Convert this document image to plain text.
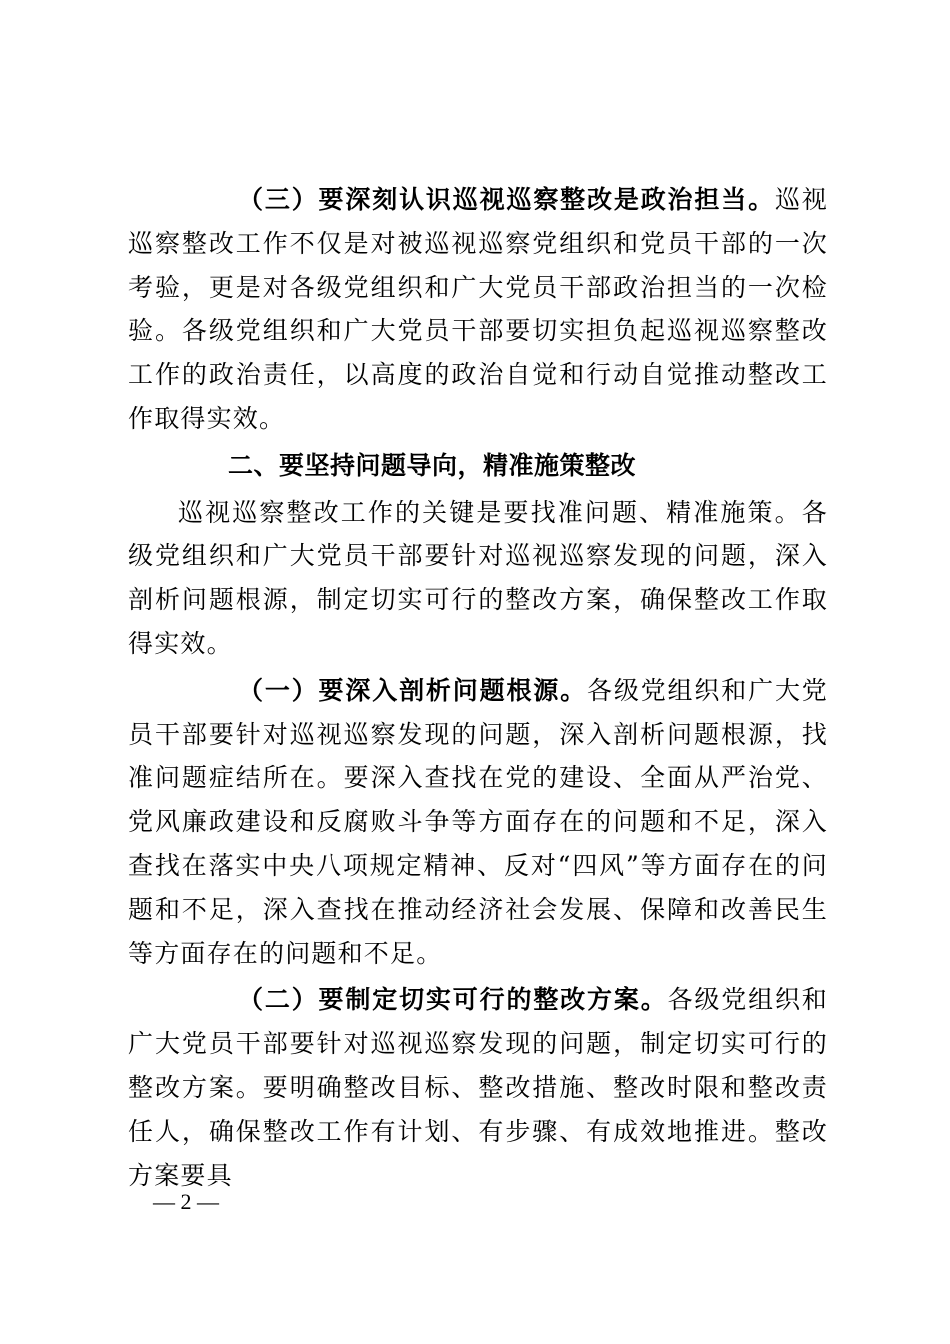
（三）要深刻认识巡视巡察整改是政治担当。巡视巡察整改工作不仅是对被巡视巡察党组织和党员干部的一次考验，更是对各级党组织和广大党员干部政治担当的一次检验。各级党组织和广大党员干部要切实担负起巡视巡察整改工作的政治责任，以高度的政治自觉和行动自觉推动整改工作取得实效。

二、要坚持问题导向，精准施策整改

巡视巡察整改工作的关键是要找准问题、精准施策。各级党组织和广大党员干部要针对巡视巡察发现的问题，深入剖析问题根源，制定切实可行的整改方案，确保整改工作取得实效。

（一）要深入剖析问题根源。各级党组织和广大党员干部要针对巡视巡察发现的问题，深入剖析问题根源，找准问题症结所在。要深入查找在党的建设、全面从严治党、党风廉政建设和反腐败斗争等方面存在的问题和不足，深入查找在落实中央八项规定精神、反对“四风”等方面存在的问题和不足，深入查找在推动经济社会发展、保障和改善民生等方面存在的问题和不足。

（二）要制定切实可行的整改方案。各级党组织和广大党员干部要针对巡视巡察发现的问题，制定切实可行的整改方案。要明确整改目标、整改措施、整改时限和整改责任人，确保整改工作有计划、有步骤、有成效地推进。整改方案要具

— 2 —
